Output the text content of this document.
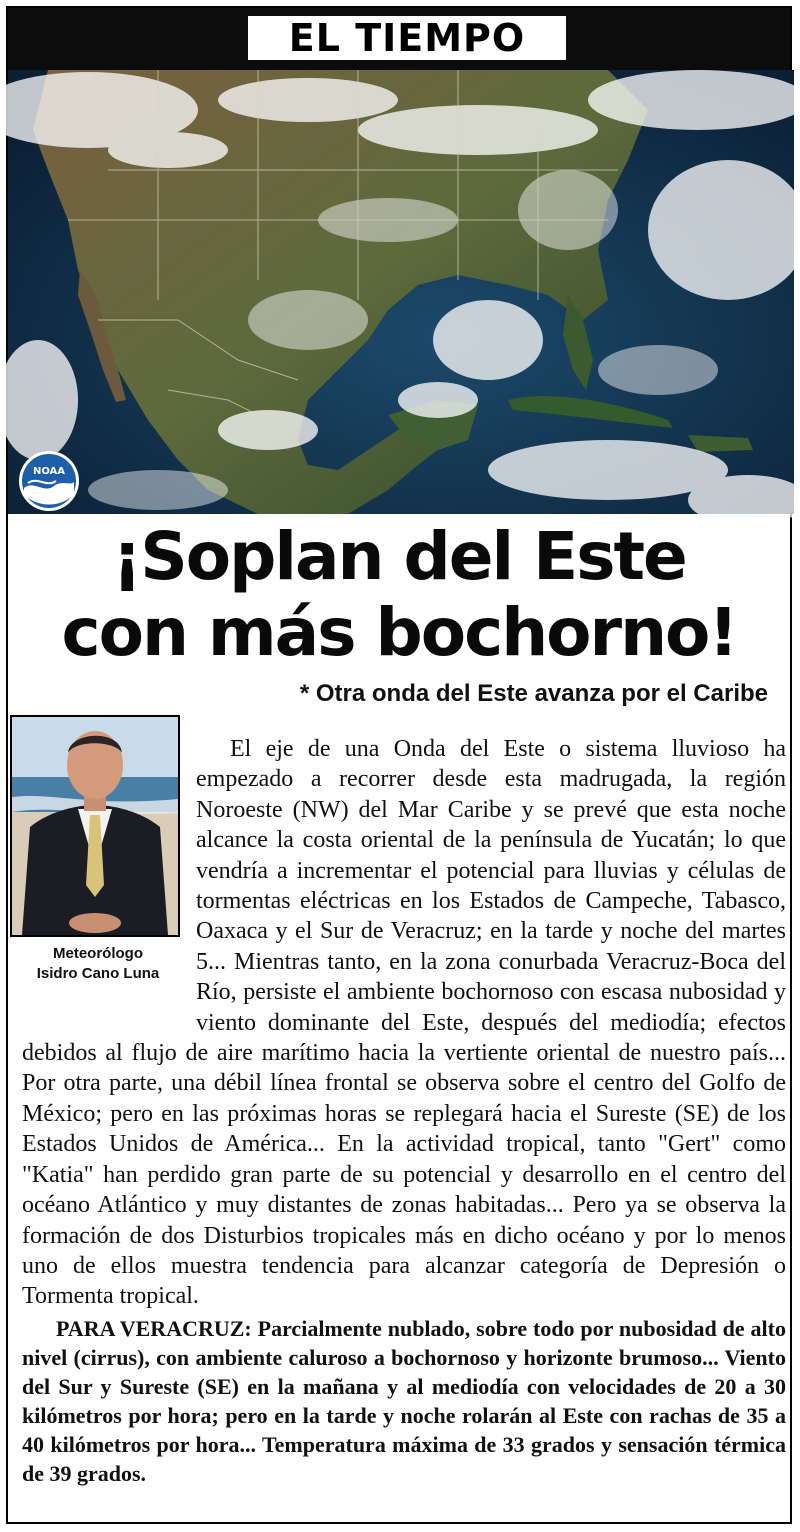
EL TIEMPO
NOAA
NOAA STAR ¡Soplan del Este
con más bochorno!
* Otra onda del Este avanza por el Caribe
Meteorólogo
Isidro Cano Luna

El eje de una Onda del Este o sistema lluvioso ha empezado a recorrer desde esta madrugada, la región Noroeste (NW) del Mar Caribe y se prevé que esta noche alcance la costa oriental de la península de Yucatán; lo que vendría a incrementar el potencial para lluvias y células de tormentas eléctricas en los Estados de Campeche, Tabasco, Oaxaca y el Sur de Veracruz; en la tarde y noche del martes 5... Mientras tanto, en la zona conurbada Veracruz-Boca del Río, persiste el ambiente bochornoso con escasa nubosidad y viento dominante del Este, después del mediodía; efectos debidos al flujo de aire marítimo hacia la vertiente oriental de nuestro país... Por otra parte, una débil línea frontal se observa sobre el centro del Golfo de México; pero en las próximas horas se replegará hacia el Sureste (SE) de los Estados Unidos de América... En la actividad tropical, tanto "Gert" como "Katia" han perdido gran parte de su potencial y desarrollo en el centro del océano Atlántico y muy distantes de zonas habitadas... Pero ya se observa la formación de dos Disturbios tropicales más en dicho océano y por lo menos uno de ellos muestra tendencia para alcanzar categoría de Depresión o Tormenta tropical.

PARA VERACRUZ: Parcialmente nublado, sobre todo por nubosidad de alto nivel (cirrus), con ambiente caluroso a bochornoso y horizonte brumoso... Viento del Sur y Sureste (SE) en la mañana y al mediodía con velocidades de 20 a 30 kilómetros por hora; pero en la tarde y noche rolarán al Este con rachas de 35 a 40 kilómetros por hora... Temperatura máxima de 33 grados y sensación térmica de 39 grados.
